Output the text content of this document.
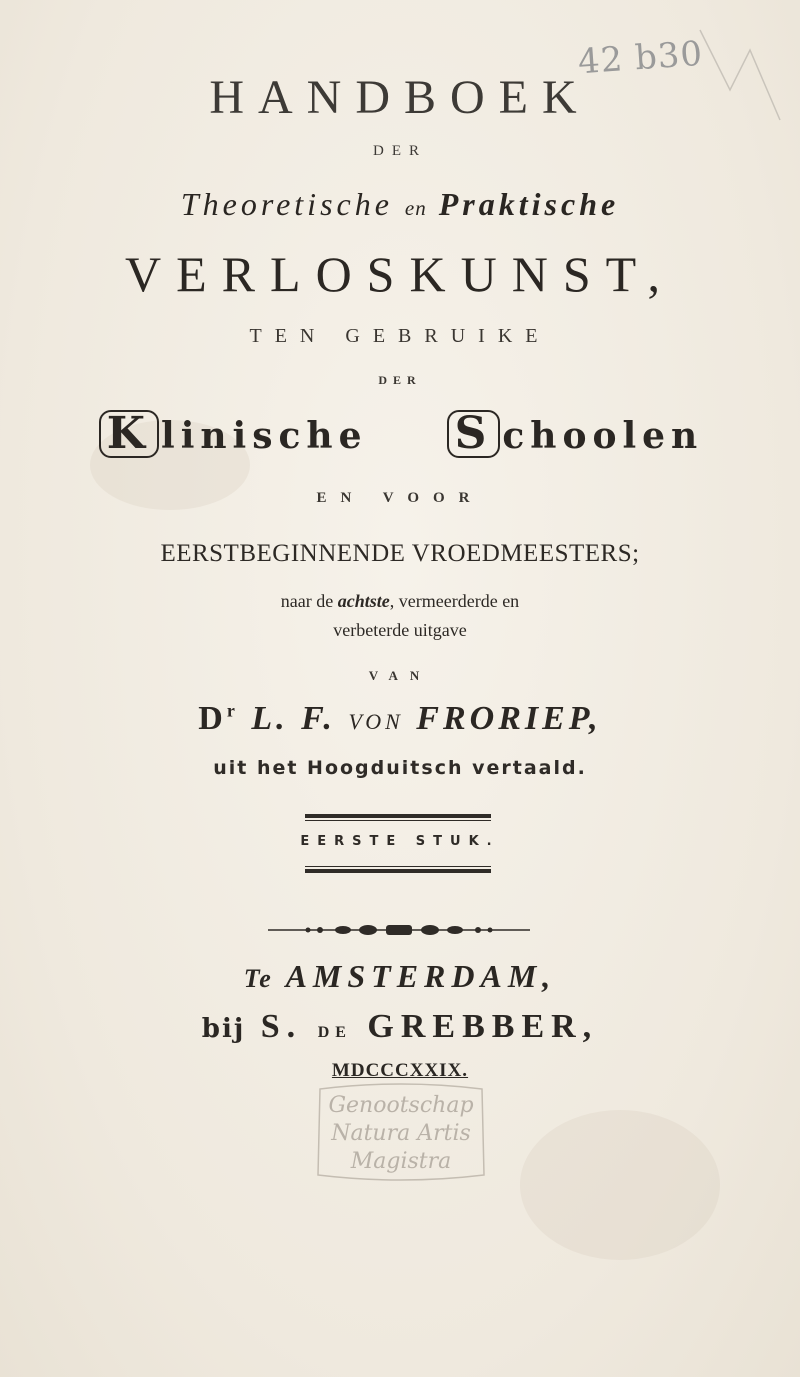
42 b30
HANDBOEK
DER
Theoretische en Praktische
VERLOSKUNST,
TEN GEBRUIKE
DER
K linische S choolen
EN VOOR
EERSTBEGINNENDE VROEDMEESTERS;
naar de achtste, vermeerderde en
verbeterde uitgave
VAN
$D^r$ L. F. VON FRORIEP,
uit het Hoogduitsch vertaald.
EERSTE STUK.
Te AMSTERDAM,
bij S. DE GREBBER,
MDCCCXXIX.
Genootschap
Natura Artis
Magistra
